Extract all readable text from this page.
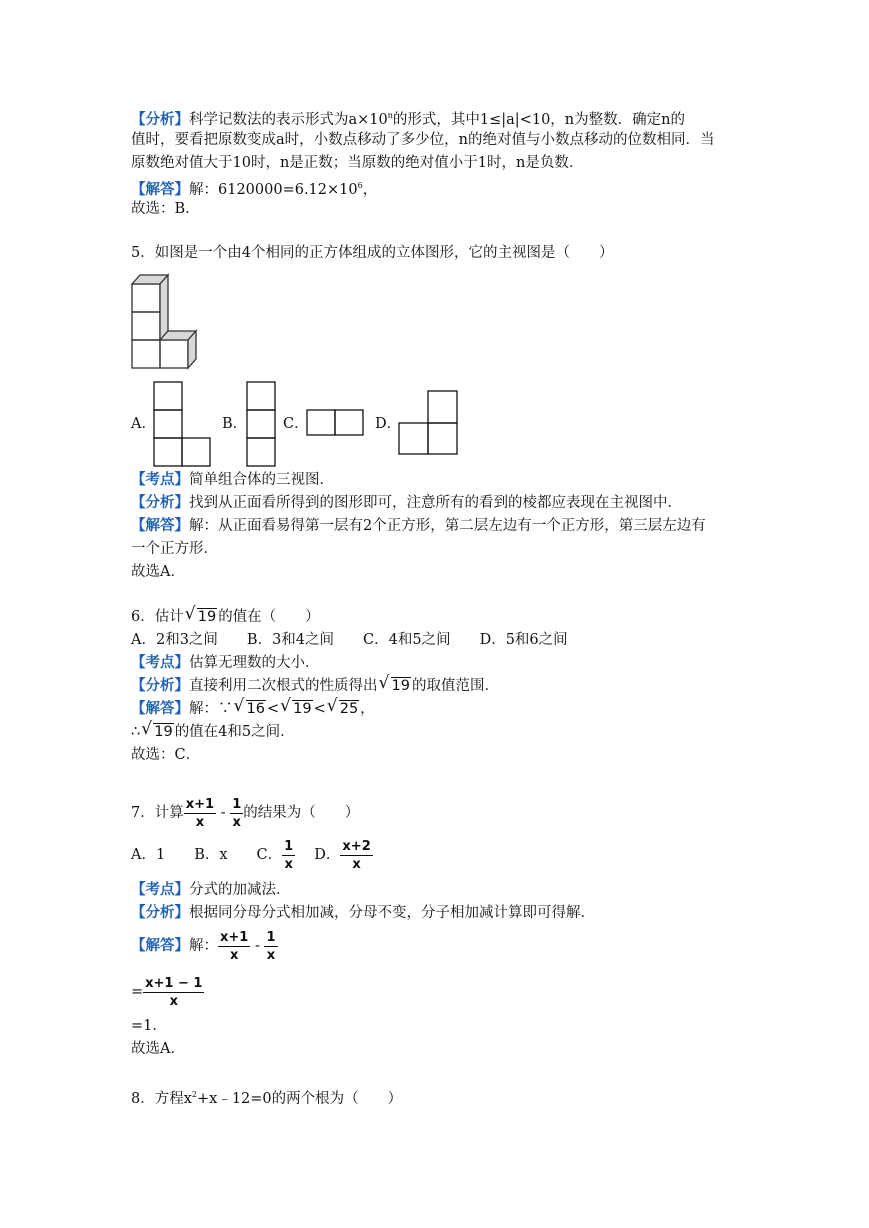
【分析】科学记数法的表示形式为$a\times 10^n$的形式，其中1≤|a|<10，n为整数．确定n的
值时，要看把原数变成a时，小数点移动了多少位，n的绝对值与小数点移动的位数相同．当
原数绝对值大于10时，n是正数；当原数的绝对值小于1时，n是负数．
【解答】解：$6120000=6.12\times 10^6$，
故选：B．
5．如图是一个由4个相同的正方体组成的立体图形，它的主视图是（　　）
A．	B． C．	D．
【考点】简单组合体的三视图．
【分析】找到从正面看所得到的图形即可，注意所有的看到的棱都应表现在主视图中．
【解答】解：从正面看易得第一层有2个正方形，第二层左边有一个正方形，第三层左边有
一个正方形．
故选A．
6．估计 √ 19 的值在（　　）
A．2和3之间　　B．3和4之间　　C．4和5之间　　D．5和6之间
【考点】估算无理数的大小．
【分析】直接利用二次根式的性质得出 √ 19 的取值范围．
【解答】解：∵ √ 16 < √ 19 < √ 25 ，
∴ √ 19 的值在4和5之间．
故选：C．
7．计算 $\frac{x+1}{x} - \frac{1}{x}$ 的结果为（　　）
A．1　　B．x　　C． $\frac{1}{x}$
　 D． $\frac{x+2}{x}$
【考点】分式的加减法．
【分析】根据同分母分式相加减，分母不变，分子相加减计算即可得解．
【解答】解： $\frac{x+1}{x} - \frac{1}{x}$
= $\frac{x+1 - 1}{x}$
=1．
故选A．
8．方程$x^2+x﹣12=0$的两个根为（　　）
